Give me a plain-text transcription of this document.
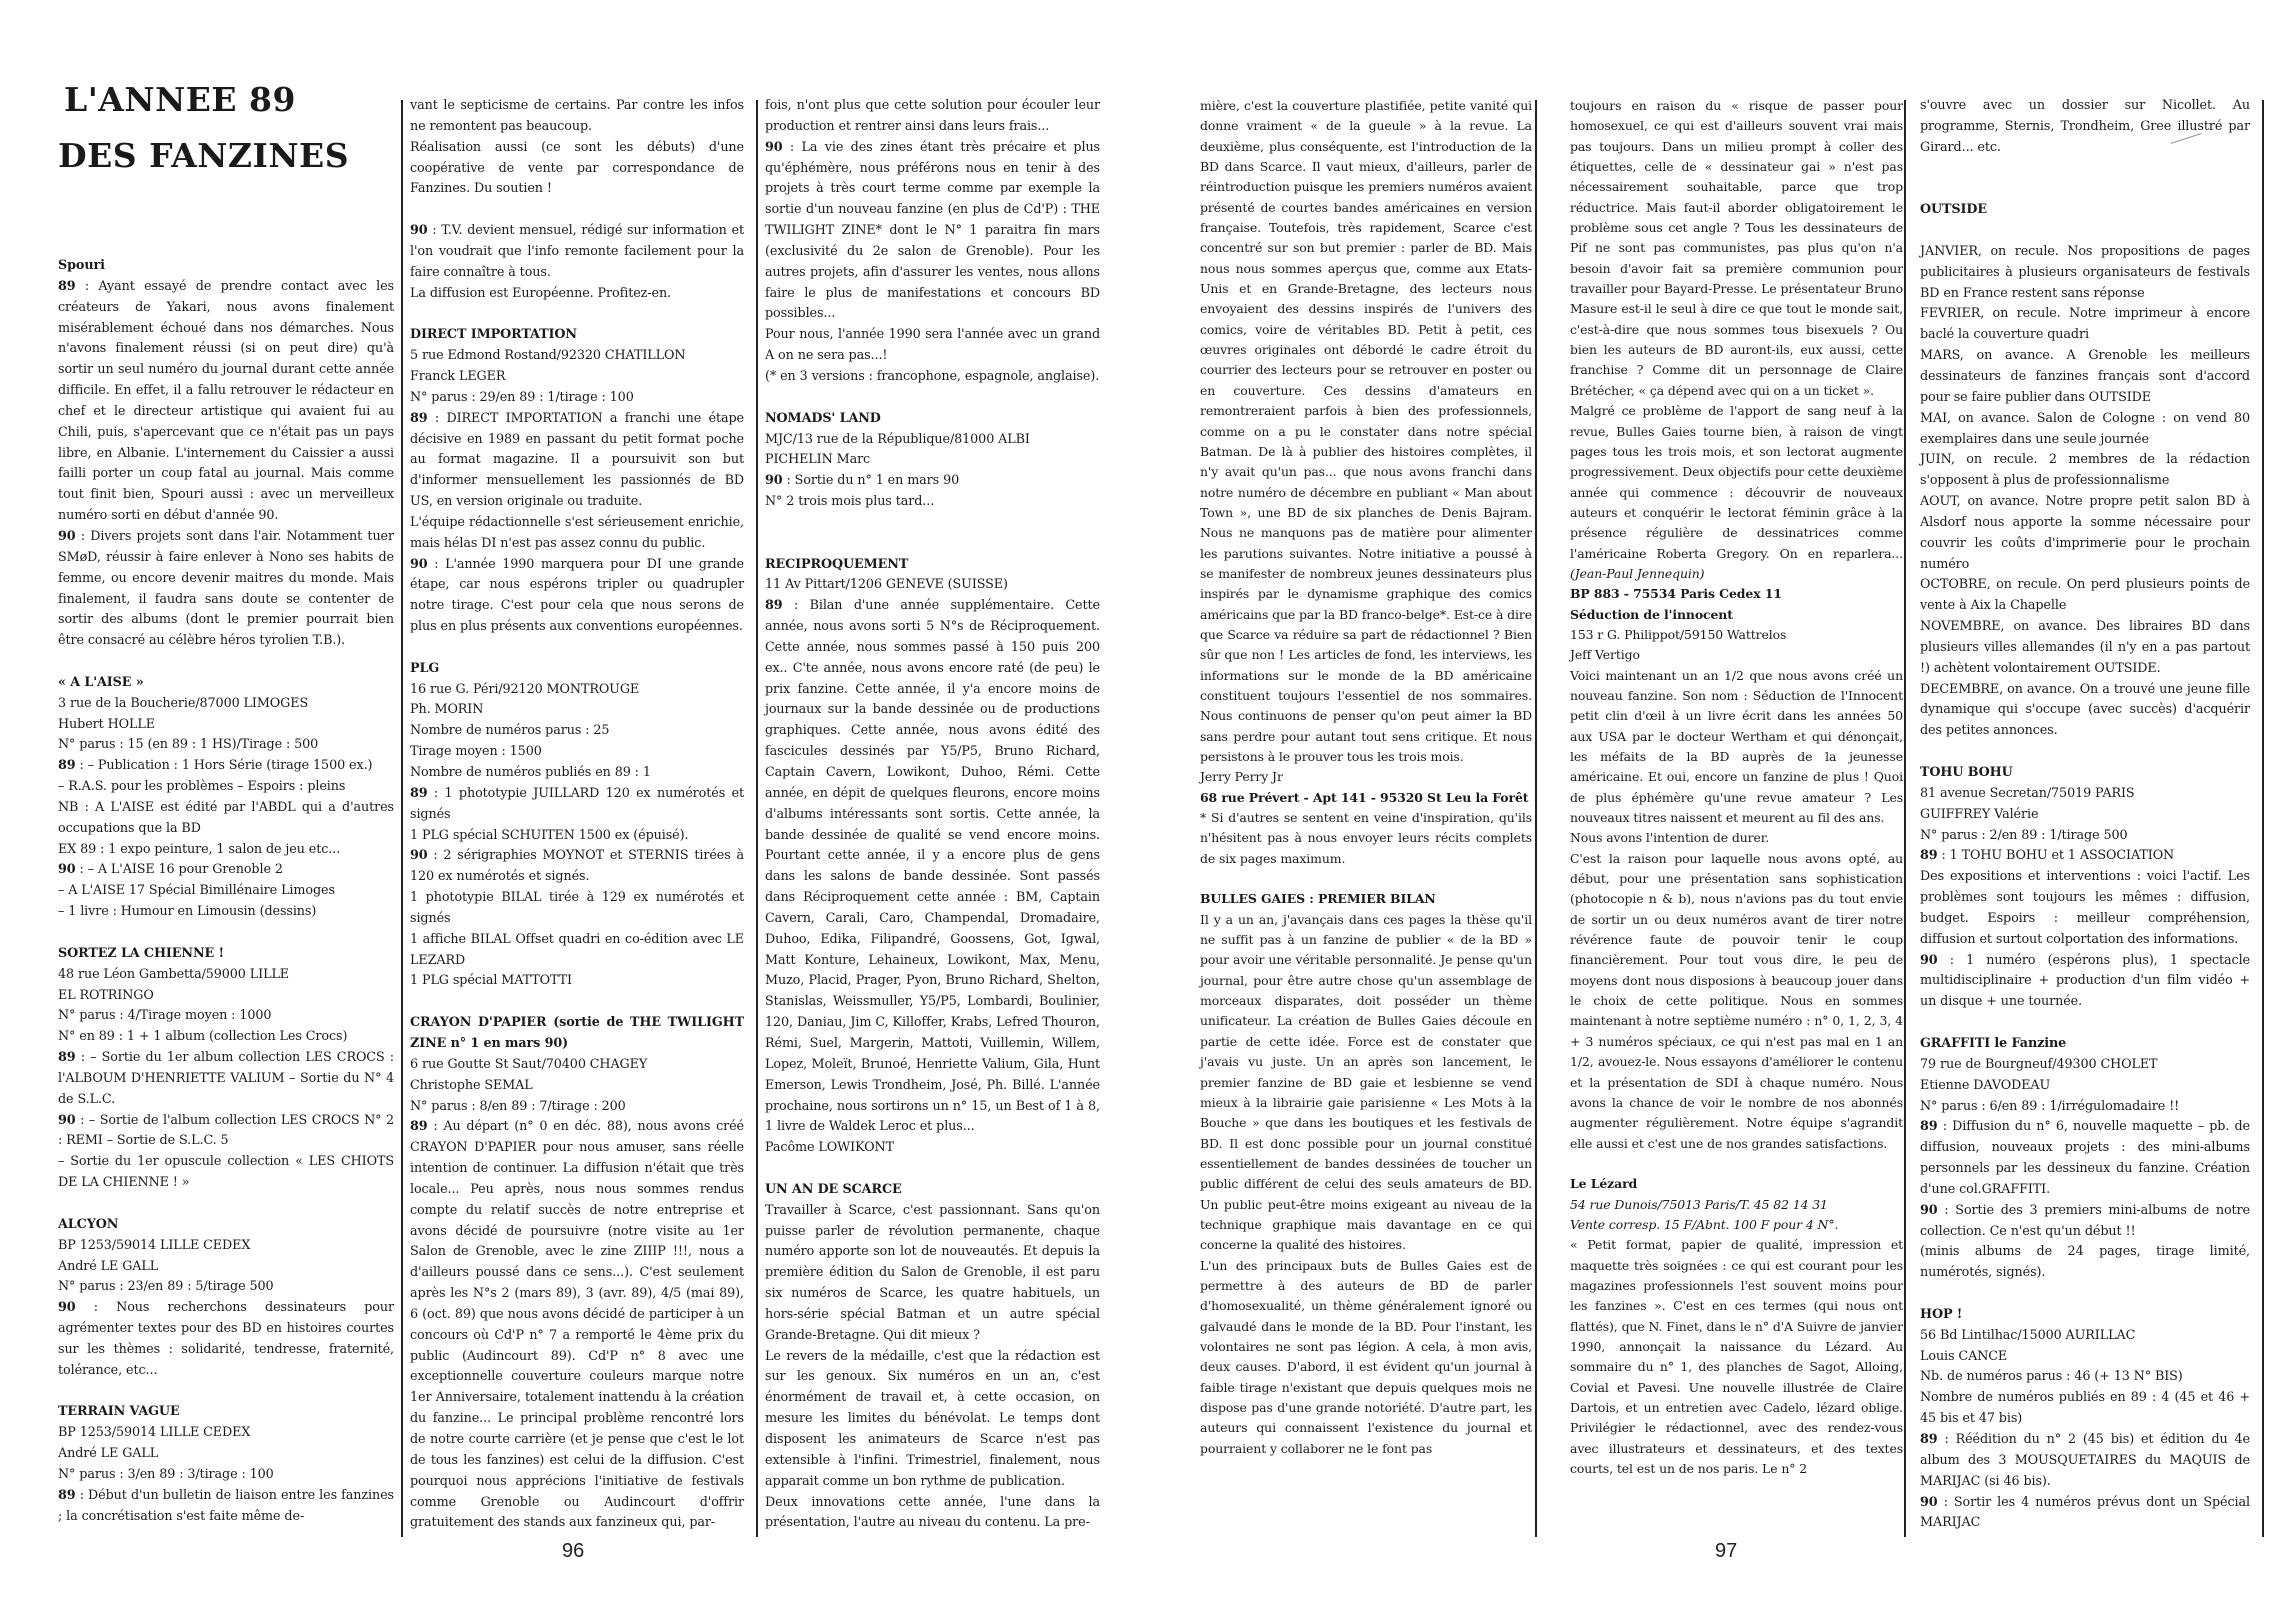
L'ANNEE 89
DES FANZINES

Spouri

89 : Ayant essayé de prendre contact avec les créateurs de Yakari, nous avons finalement misérablement échoué dans nos démarches. Nous n'avons finalement réussi (si on peut dire) qu'à sortir un seul numéro du journal durant cette année difficile. En effet, il a fallu retrouver le rédacteur en chef et le directeur artistique qui avaient fui au Chili, puis, s'apercevant que ce n'était pas un pays libre, en Albanie. L'internement du Caissier a aussi failli porter un coup fatal au journal. Mais comme tout finit bien, Spouri aussi : avec un merveilleux numéro sorti en début d'année 90.

90 : Divers projets sont dans l'air. Notamment tuer SMøD, réussir à faire enlever à Nono ses habits de femme, ou encore devenir maitres du monde. Mais finalement, il faudra sans doute se contenter de sortir des albums (dont le premier pourrait bien être consacré au célèbre héros tyrolien T.B.).

« A L'AISE »

3 rue de la Boucherie/87000 LIMOGES

Hubert HOLLE

N° parus : 15 (en 89 : 1 HS)/Tirage : 500

89 : – Publication : 1 Hors Série (tirage 1500 ex.)

– R.A.S. pour les problèmes – Espoirs : pleins

NB : A L'AISE est édité par l'ABDL qui a d'autres occupations que la BD

EX 89 : 1 expo peinture, 1 salon de jeu etc...

90 : – A L'AISE 16 pour Grenoble 2

– A L'AISE 17 Spécial Bimillénaire Limoges

– 1 livre : Humour en Limousin (dessins)

SORTEZ LA CHIENNE !

48 rue Léon Gambetta/59000 LILLE

EL ROTRINGO

N° parus : 4/Tirage moyen : 1000

N° en 89 : 1 + 1 album (collection Les Crocs)

89 : – Sortie du 1er album collection LES CROCS : l'ALBOUM D'HENRIETTE VALIUM – Sortie du N° 4 de S.L.C.

90 : – Sortie de l'album collection LES CROCS N° 2 : REMI – Sortie de S.L.C. 5

– Sortie du 1er opuscule collection « LES CHIOTS DE LA CHIENNE ! »

ALCYON

BP 1253/59014 LILLE CEDEX

André LE GALL

N° parus : 23/en 89 : 5/tirage 500

90 : Nous recherchons dessinateurs pour agrémenter textes pour des BD en histoires courtes sur les thèmes : solidarité, tendresse, fraternité, tolérance, etc...

TERRAIN VAGUE

BP 1253/59014 LILLE CEDEX

André LE GALL

N° parus : 3/en 89 : 3/tirage : 100

89 : Début d'un bulletin de liaison entre les fanzines ; la concrétisation s'est faite même de-

vant le septicisme de certains. Par contre les infos ne remontent pas beaucoup.

Réalisation aussi (ce sont les débuts) d'une coopérative de vente par correspondance de Fanzines. Du soutien !

90 : T.V. devient mensuel, rédigé sur information et l'on voudrait que l'info remonte facilement pour la faire connaître à tous.

La diffusion est Européenne. Profitez-en.

DIRECT IMPORTATION

5 rue Edmond Rostand/92320 CHATILLON

Franck LEGER

N° parus : 29/en 89 : 1/tirage : 100

89 : DIRECT IMPORTATION a franchi une étape décisive en 1989 en passant du petit format poche au format magazine. Il a poursuivit son but d'informer mensuellement les passionnés de BD US, en version originale ou traduite.

L'équipe rédactionnelle s'est sérieusement enrichie, mais hélas DI n'est pas assez connu du public.

90 : L'année 1990 marquera pour DI une grande étape, car nous espérons tripler ou quadrupler notre tirage. C'est pour cela que nous serons de plus en plus présents aux conventions européennes.

PLG

16 rue G. Péri/92120 MONTROUGE

Ph. MORIN

Nombre de numéros parus : 25

Tirage moyen : 1500

Nombre de numéros publiés en 89 : 1

89 : 1 phototypie JUILLARD 120 ex numérotés et signés

1 PLG spécial SCHUITEN 1500 ex (épuisé).

90 : 2 sérigraphies MOYNOT et STERNIS tirées à 120 ex numérotés et signés.

1 phototypie BILAL tirée à 129 ex numérotés et signés

1 affiche BILAL Offset quadri en co-édition avec LE LEZARD

1 PLG spécial MATTOTTI

CRAYON D'PAPIER (sortie de THE TWILIGHT ZINE n° 1 en mars 90)

6 rue Goutte St Saut/70400 CHAGEY

Christophe SEMAL

N° parus : 8/en 89 : 7/tirage : 200

89 : Au départ (n° 0 en déc. 88), nous avons créé CRAYON D'PAPIER pour nous amuser, sans réelle intention de continuer. La diffusion n'était que très locale... Peu après, nous nous sommes rendus compte du relatif succès de notre entreprise et avons décidé de poursuivre (notre visite au 1er Salon de Grenoble, avec le zine ZIIIP !!!, nous a d'ailleurs poussé dans ce sens...). C'est seulement après les N°s 2 (mars 89), 3 (avr. 89), 4/5 (mai 89), 6 (oct. 89) que nous avons décidé de participer à un concours où Cd'P n° 7 a remporté le 4ème prix du public (Audincourt 89). Cd'P n° 8 avec une exceptionnelle couverture couleurs marque notre 1er Anniversaire, totalement inattendu à la création du fanzine... Le principal problème rencontré lors de notre courte carrière (et je pense que c'est le lot de tous les fanzines) est celui de la diffusion. C'est pourquoi nous apprécions l'initiative de festivals comme Grenoble ou Audincourt d'offrir gratuitement des stands aux fanzineux qui, par-

fois, n'ont plus que cette solution pour écouler leur production et rentrer ainsi dans leurs frais...

90 : La vie des zines étant très précaire et plus qu'éphémère, nous préférons nous en tenir à des projets à très court terme comme par exemple la sortie d'un nouveau fanzine (en plus de Cd'P) : THE TWILIGHT ZINE* dont le N° 1 paraitra fin mars (exclusivité du 2e salon de Grenoble). Pour les autres projets, afin d'assurer les ventes, nous allons faire le plus de manifestations et concours BD possibles...

Pour nous, l'année 1990 sera l'année avec un grand A on ne sera pas...!

(* en 3 versions : francophone, espagnole, anglaise).

NOMADS' LAND

MJC/13 rue de la République/81000 ALBI

PICHELIN Marc

90 : Sortie du n° 1 en mars 90

N° 2 trois mois plus tard...

RECIPROQUEMENT

11 Av Pittart/1206 GENEVE (SUISSE)

89 : Bilan d'une année supplémentaire. Cette année, nous avons sorti 5 N°s de Réciproquement. Cette année, nous sommes passé à 150 puis 200 ex.. C'te année, nous avons encore raté (de peu) le prix fanzine. Cette année, il y'a encore moins de journaux sur la bande dessinée ou de productions graphiques. Cette année, nous avons édité des fascicules dessinés par Y5/P5, Bruno Richard, Captain Cavern, Lowikont, Duhoo, Rémi. Cette année, en dépit de quelques fleurons, encore moins d'albums intéressants sont sortis. Cette année, la bande dessinée de qualité se vend encore moins. Pourtant cette année, il y a encore plus de gens dans les salons de bande dessinée. Sont passés dans Réciproquement cette année : BM, Captain Cavern, Carali, Caro, Champendal, Dromadaire, Duhoo, Edika, Filipandré, Goossens, Got, Igwal, Matt Konture, Lehaineux, Lowikont, Max, Menu, Muzo, Placid, Prager, Pyon, Bruno Richard, Shelton, Stanislas, Weissmuller, Y5/P5, Lombardi, Boulinier, 120, Daniau, Jim C, Killoffer, Krabs, Lefred Thouron, Rémi, Suel, Margerin, Mattoti, Vuillemin, Willem, Lopez, Moleït, Brunoé, Henriette Valium, Gila, Hunt Emerson, Lewis Trondheim, José, Ph. Billé. L'année prochaine, nous sortirons un n° 15, un Best of 1 à 8, 1 livre de Waldek Leroc et plus...

Pacôme LOWIKONT

UN AN DE SCARCE

Travailler à Scarce, c'est passionnant. Sans qu'on puisse parler de révolution permanente, chaque numéro apporte son lot de nouveautés. Et depuis la première édition du Salon de Grenoble, il est paru six numéros de Scarce, les quatre habituels, un hors-série spécial Batman et un autre spécial Grande-Bretagne. Qui dit mieux ?

Le revers de la médaille, c'est que la rédaction est sur les genoux. Six numéros en un an, c'est énormément de travail et, à cette occasion, on mesure les limites du bénévolat. Le temps dont disposent les animateurs de Scarce n'est pas extensible à l'infini. Trimestriel, finalement, nous apparait comme un bon rythme de publication.

Deux innovations cette année, l'une dans la présentation, l'autre au niveau du contenu. La pre-

96

mière, c'est la couverture plastifiée, petite vanité qui donne vraiment « de la gueule » à la revue. La deuxième, plus conséquente, est l'introduction de la BD dans Scarce. Il vaut mieux, d'ailleurs, parler de réintroduction puisque les premiers numéros avaient présenté de courtes bandes américaines en version française. Toutefois, très rapidement, Scarce c'est concentré sur son but premier : parler de BD. Mais nous nous sommes aperçus que, comme aux Etats-Unis et en Grande-Bretagne, des lecteurs nous envoyaient des dessins inspirés de l'univers des comics, voire de véritables BD. Petit à petit, ces œuvres originales ont débordé le cadre étroit du courrier des lecteurs pour se retrouver en poster ou en couverture. Ces dessins d'amateurs en remontreraient parfois à bien des professionnels, comme on a pu le constater dans notre spécial Batman. De là à publier des histoires complètes, il n'y avait qu'un pas... que nous avons franchi dans notre numéro de décembre en publiant « Man about Town », une BD de six planches de Denis Bajram. Nous ne manquons pas de matière pour alimenter les parutions suivantes. Notre initiative a poussé à se manifester de nombreux jeunes dessinateurs plus inspirés par le dynamisme graphique des comics américains que par la BD franco-belge*. Est-ce à dire que Scarce va réduire sa part de rédactionnel ? Bien sûr que non ! Les articles de fond, les interviews, les informations sur le monde de la BD américaine constituent toujours l'essentiel de nos sommaires. Nous continuons de penser qu'on peut aimer la BD sans perdre pour autant tout sens critique. Et nous persistons à le prouver tous les trois mois.

Jerry Perry Jr

68 rue Prévert - Apt 141 - 95320 St Leu la Forêt

* Si d'autres se sentent en veine d'inspiration, qu'ils n'hésitent pas à nous envoyer leurs récits complets de six pages maximum.

BULLES GAIES : PREMIER BILAN

Il y a un an, j'avançais dans ces pages la thèse qu'il ne suffit pas à un fanzine de publier « de la BD » pour avoir une véritable personnalité. Je pense qu'un journal, pour être autre chose qu'un assemblage de morceaux disparates, doit posséder un thème unificateur. La création de Bulles Gaies découle en partie de cette idée. Force est de constater que j'avais vu juste. Un an après son lancement, le premier fanzine de BD gaie et lesbienne se vend mieux à la librairie gaie parisienne « Les Mots à la Bouche » que dans les boutiques et les festivals de BD. Il est donc possible pour un journal constitué essentiellement de bandes dessinées de toucher un public différent de celui des seuls amateurs de BD. Un public peut-être moins exigeant au niveau de la technique graphique mais davantage en ce qui concerne la qualité des histoires.

L'un des principaux buts de Bulles Gaies est de permettre à des auteurs de BD de parler d'homosexualité, un thème généralement ignoré ou galvaudé dans le monde de la BD. Pour l'instant, les volontaires ne sont pas légion. A cela, à mon avis, deux causes. D'abord, il est évident qu'un journal à faible tirage n'existant que depuis quelques mois ne dispose pas d'une grande notoriété. D'autre part, les auteurs qui connaissent l'existence du journal et pourraient y collaborer ne le font pas

toujours en raison du « risque de passer pour homosexuel, ce qui est d'ailleurs souvent vrai mais pas toujours. Dans un milieu prompt à coller des étiquettes, celle de « dessinateur gai » n'est pas nécessairement souhaitable, parce que trop réductrice. Mais faut-il aborder obligatoirement le problème sous cet angle ? Tous les dessinateurs de Pif ne sont pas communistes, pas plus qu'on n'a besoin d'avoir fait sa première communion pour travailler pour Bayard-Presse. Le présentateur Bruno Masure est-il le seul à dire ce que tout le monde sait, c'est-à-dire que nous sommes tous bisexuels ? Ou bien les auteurs de BD auront-ils, eux aussi, cette franchise ? Comme dit un personnage de Claire Brétécher, « ça dépend avec qui on a un ticket ».

Malgré ce problème de l'apport de sang neuf à la revue, Bulles Gaies tourne bien, à raison de vingt pages tous les trois mois, et son lectorat augmente progressivement. Deux objectifs pour cette deuxième année qui commence : découvrir de nouveaux auteurs et conquérir le lectorat féminin grâce à la présence régulière de dessinatrices comme l'américaine Roberta Gregory. On en reparlera... (Jean-Paul Jennequin)

BP 883 - 75534 Paris Cedex 11

Séduction de l'innocent

153 r G. Philippot/59150 Wattrelos

Jeff Vertigo

Voici maintenant un an 1/2 que nous avons créé un nouveau fanzine. Son nom : Séduction de l'Innocent petit clin d'œil à un livre écrit dans les années 50 aux USA par le docteur Wertham et qui dénonçait, les méfaits de la BD auprès de la jeunesse américaine. Et oui, encore un fanzine de plus ! Quoi de plus éphémère qu'une revue amateur ? Les nouveaux titres naissent et meurent au fil des ans.

Nous avons l'intention de durer.

C'est la raison pour laquelle nous avons opté, au début, pour une présentation sans sophistication (photocopie n & b), nous n'avions pas du tout envie de sortir un ou deux numéros avant de tirer notre révérence faute de pouvoir tenir le coup financièrement. Pour tout vous dire, le peu de moyens dont nous disposions à beaucoup jouer dans le choix de cette politique. Nous en sommes maintenant à notre septième numéro : n° 0, 1, 2, 3, 4 + 3 numéros spéciaux, ce qui n'est pas mal en 1 an 1/2, avouez-le. Nous essayons d'améliorer le contenu et la présentation de SDI à chaque numéro. Nous avons la chance de voir le nombre de nos abonnés augmenter régulièrement. Notre équipe s'agrandit elle aussi et c'est une de nos grandes satisfactions.

Le Lézard

54 rue Dunois/75013 Paris/T. 45 82 14 31

Vente corresp. 15 F/Abnt. 100 F pour 4 N°.

« Petit format, papier de qualité, impression et maquette très soignées : ce qui est courant pour les magazines professionnels l'est souvent moins pour les fanzines ». C'est en ces termes (qui nous ont flattés), que N. Finet, dans le n° d'A Suivre de janvier 1990, annonçait la naissance du Lézard. Au sommaire du n° 1, des planches de Sagot, Alloing, Covial et Pavesi. Une nouvelle illustrée de Claire Dartois, et un entretien avec Cadelo, lézard oblige. Privilégier le rédactionnel, avec des rendez-vous avec illustrateurs et dessinateurs, et des textes courts, tel est un de nos paris. Le n° 2

s'ouvre avec un dossier sur Nicollet. Au programme, Sternis, Trondheim, Gree illustré par Girard... etc.

OUTSIDE

JANVIER, on recule. Nos propositions de pages publicitaires à plusieurs organisateurs de festivals BD en France restent sans réponse

FEVRIER, on recule. Notre imprimeur à encore baclé la couverture quadri

MARS, on avance. A Grenoble les meilleurs dessinateurs de fanzines français sont d'accord pour se faire publier dans OUTSIDE

MAI, on avance. Salon de Cologne : on vend 80 exemplaires dans une seule journée

JUIN, on recule. 2 membres de la rédaction s'opposent à plus de professionnalisme

AOUT, on avance. Notre propre petit salon BD à Alsdorf nous apporte la somme nécessaire pour couvrir les coûts d'imprimerie pour le prochain numéro

OCTOBRE, on recule. On perd plusieurs points de vente à Aix la Chapelle

NOVEMBRE, on avance. Des libraires BD dans plusieurs villes allemandes (il n'y en a pas partout !) achètent volontairement OUTSIDE.

DECEMBRE, on avance. On a trouvé une jeune fille dynamique qui s'occupe (avec succès) d'acquérir des petites annonces.

TOHU BOHU

81 avenue Secretan/75019 PARIS

GUIFFREY Valérie

N° parus : 2/en 89 : 1/tirage 500

89 : 1 TOHU BOHU et 1 ASSOCIATION

Des expositions et interventions : voici l'actif. Les problèmes sont toujours les mêmes : diffusion, budget. Espoirs : meilleur compréhension, diffusion et surtout colportation des informations.

90 : 1 numéro (espérons plus), 1 spectacle multidisciplinaire + production d'un film vidéo + un disque + une tournée.

GRAFFITI le Fanzine

79 rue de Bourgneuf/49300 CHOLET

Etienne DAVODEAU

N° parus : 6/en 89 : 1/irrégulomadaire !!

89 : Diffusion du n° 6, nouvelle maquette – pb. de diffusion, nouveaux projets : des mini-albums personnels par les dessineux du fanzine. Création d'une col.GRAFFITI.

90 : Sortie des 3 premiers mini-albums de notre collection. Ce n'est qu'un début !!

(minis albums de 24 pages, tirage limité, numérotés, signés).

HOP !

56 Bd Lintilhac/15000 AURILLAC

Louis CANCE

Nb. de numéros parus : 46 (+ 13 N° BIS)

Nombre de numéros publiés en 89 : 4 (45 et 46 + 45 bis et 47 bis)

89 : Réédition du n° 2 (45 bis) et édition du 4e album des 3 MOUSQUETAIRES du MAQUIS de MARIJAC (si 46 bis).

90 : Sortir les 4 numéros prévus dont un Spécial MARIJAC

97
